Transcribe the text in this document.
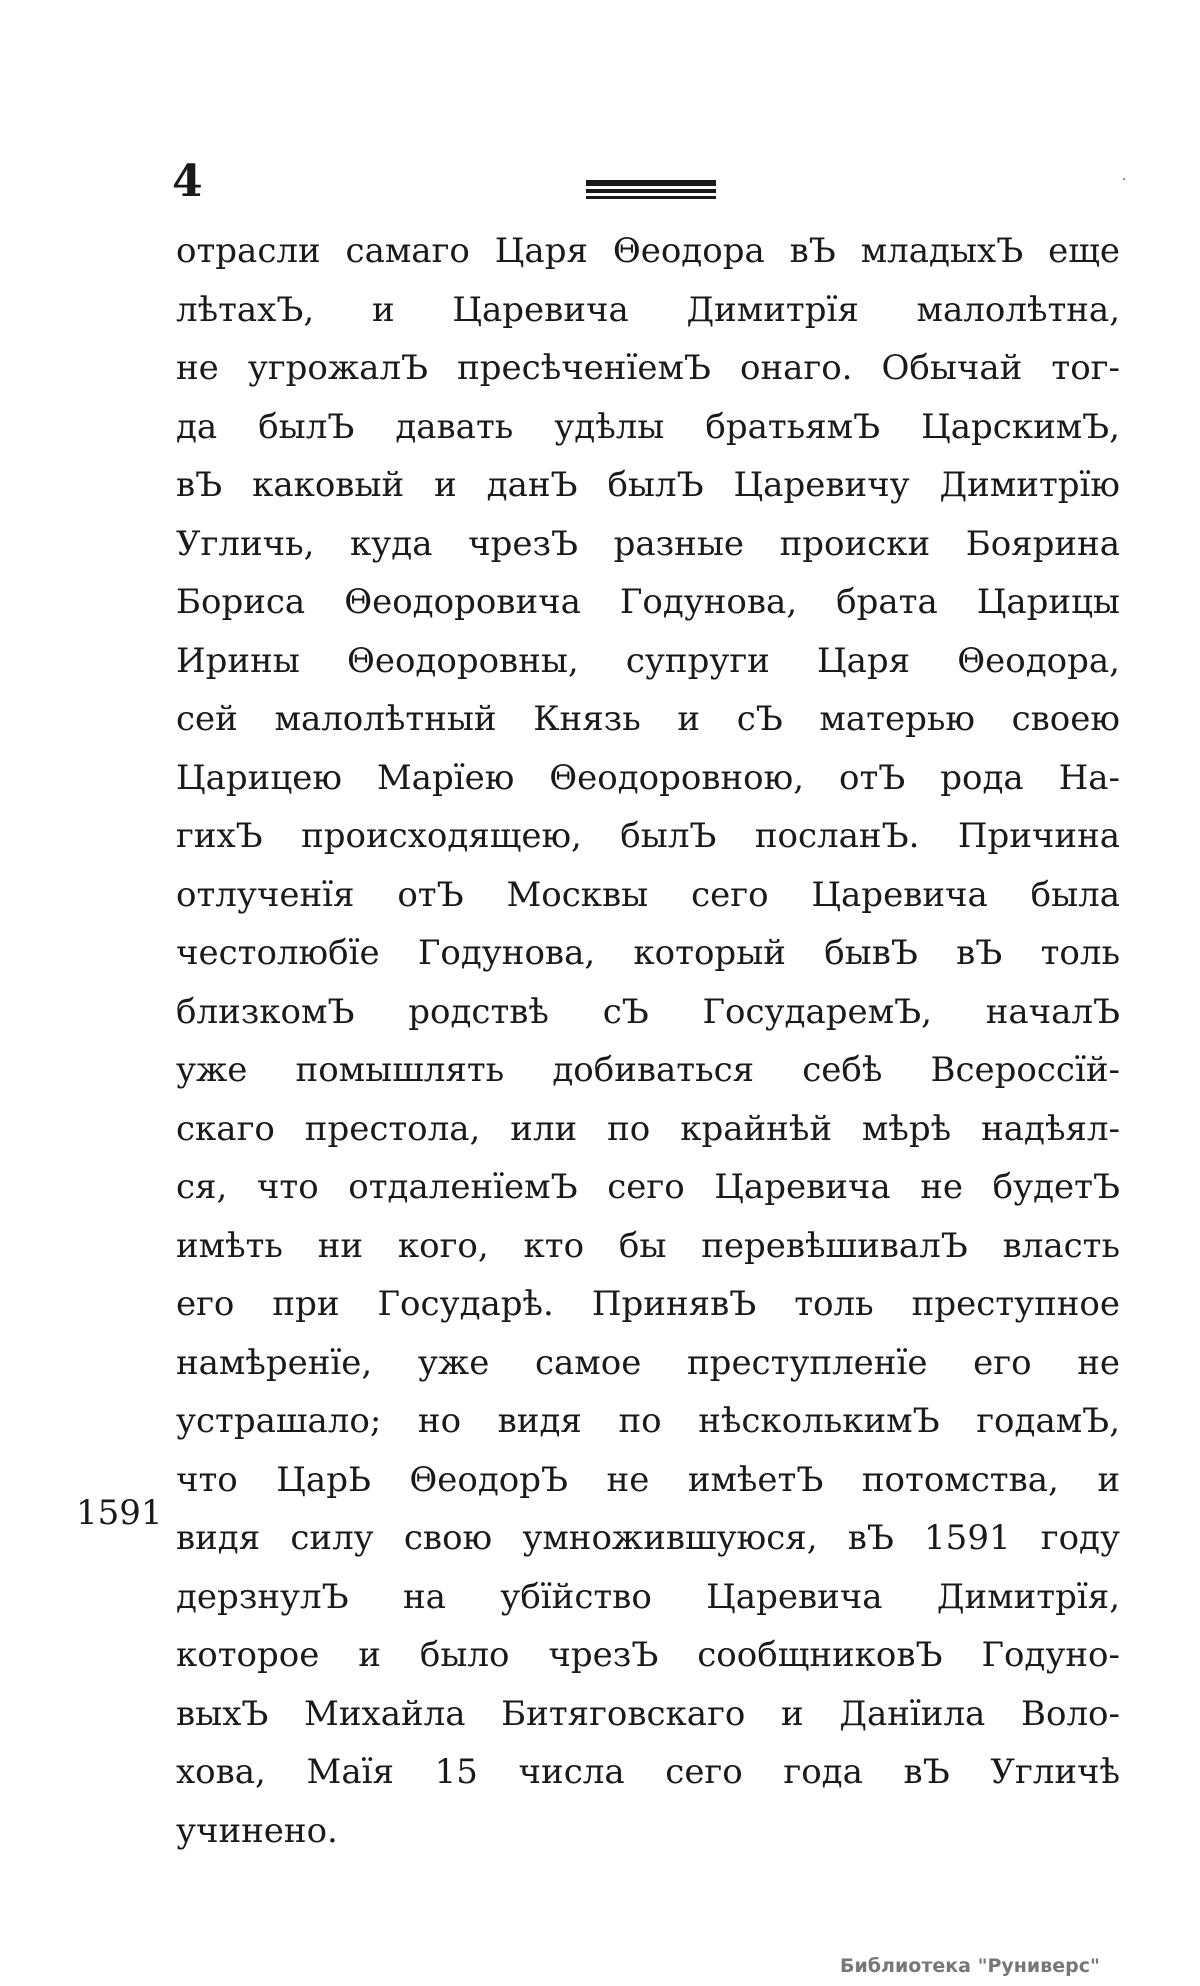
4	·
1591
отрасли самаго Царя Θеодора вЪ младыхЪ еще
лѣтахЪ, и Царевича Димитрїя малолѣтна,
не угрожалЪ пресѣченїемЪ онаго. Обычай тог-
да былЪ давать удѣлы братьямЪ ЦарскимЪ,
вЪ каковый и данЪ былЪ Царевичу Димитрїю
Угличь, куда чрезЪ разные происки Боярина
Бориса Θеодоровича Годунова, брата Царицы
Ирины Θеодоровны, супруги Царя Θеодора,
сей малолѣтный Князь и сЪ матерью своею
Царицею Марїею Θеодоровною, отЪ рода На-
гихЪ происходящею, былЪ посланЪ. Причина
отлученїя отЪ Москвы сего Царевича была
честолюбїе Годунова, который бывЪ вЪ толь
близкомЪ родствѣ сЪ ГосударемЪ, началЪ
уже помышлять добиваться себѣ Всероссїй-
скаго престола, или по крайнѣй мѣрѣ надѣял-
ся, что отдаленїемЪ сего Царевича не будетЪ
имѣть ни кого, кто бы перевѣшивалЪ власть
его при Государѣ. ПринявЪ толь преступное
намѣренїе, уже самое преступленїе его не
устрашало; но видя по нѣсколькимЪ годамЪ,
что ЦарЬ ΘеодорЪ не имѣетЪ потомства, и
видя силу свою умножившуюся, вЪ 1591 году
дерзнулЪ на убїйство Царевича Димитрїя,
которое и было чрезЪ сообщниковЪ Годуно-
выхЪ Михайла Битяговскаго и Данїила Воло-
хова, Маїя 15 числа сего года вЪ Угличѣ
учинено.
Библиотека "Руниверс"
